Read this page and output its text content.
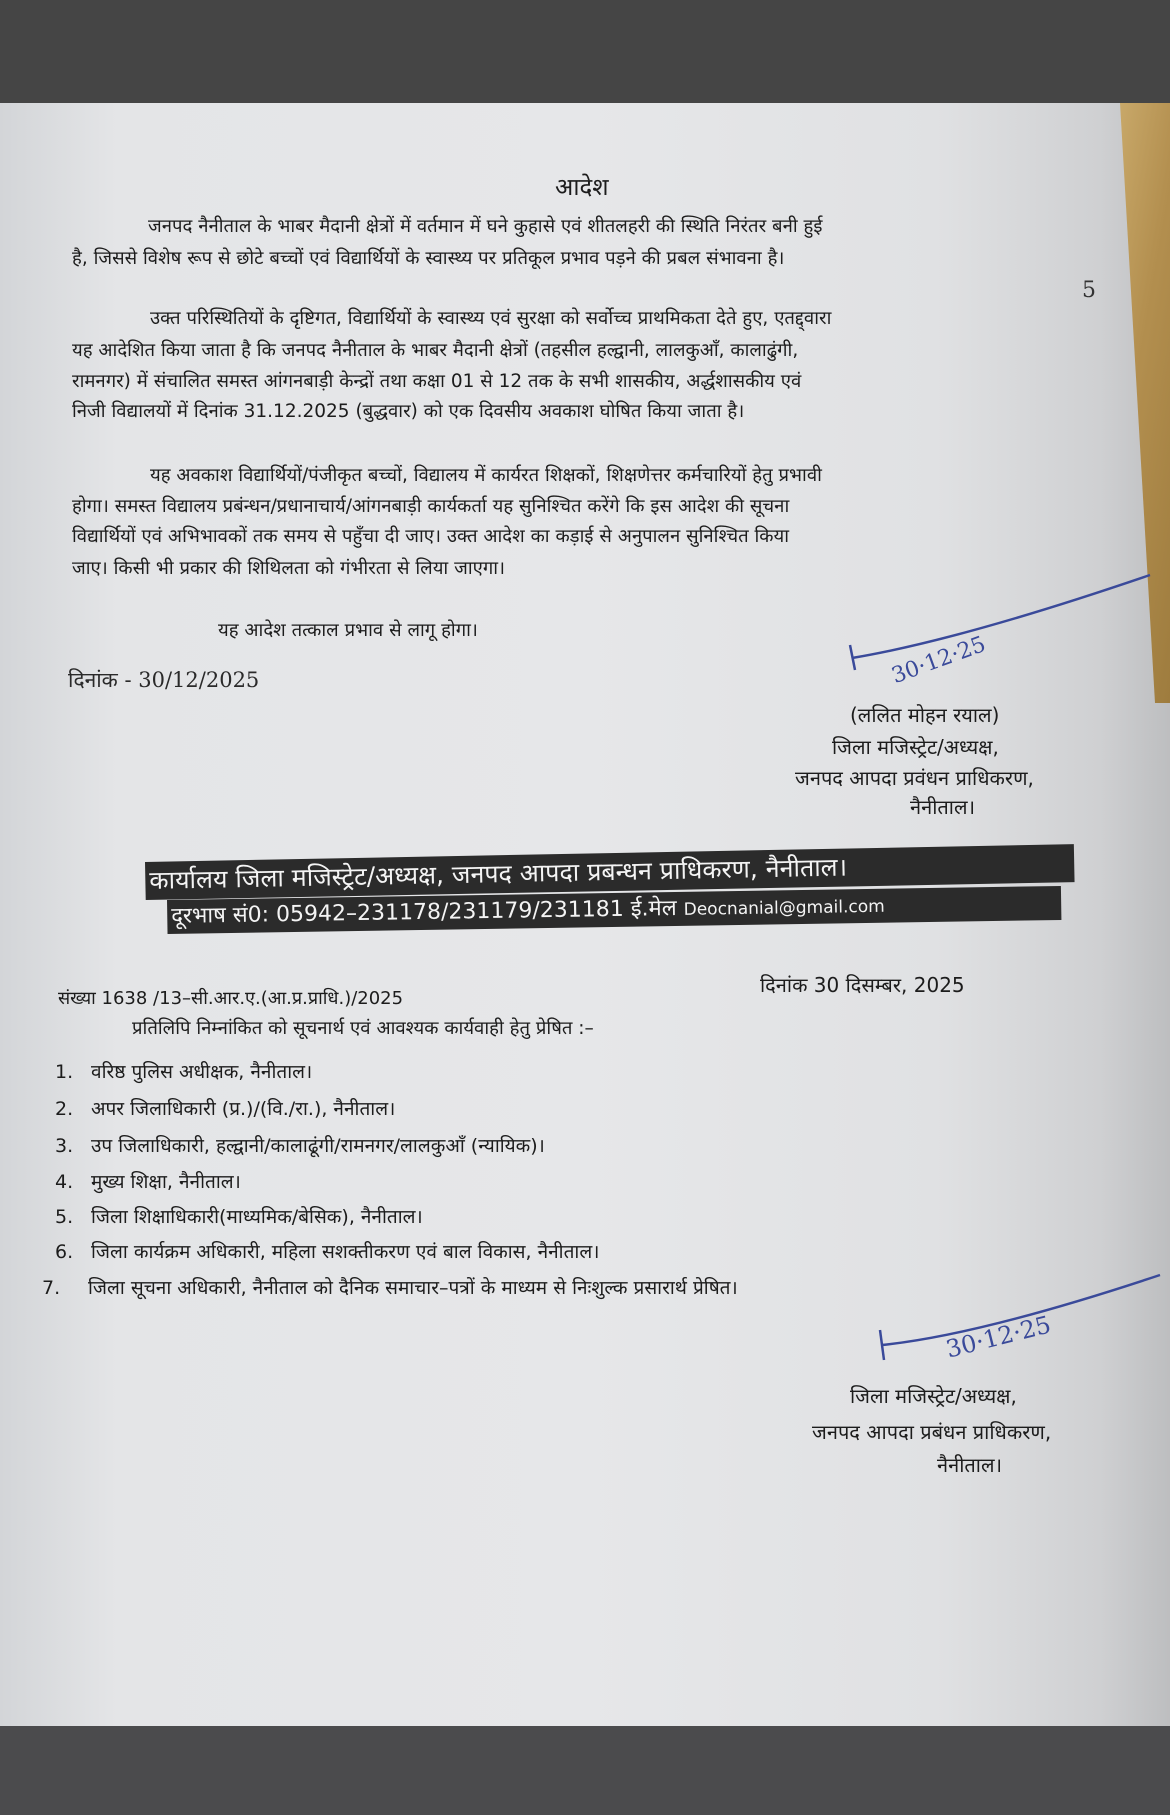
आदेश
जनपद नैनीताल के भाबर मैदानी क्षेत्रों में वर्तमान में घने कुहासे एवं शीतलहरी की स्थिति निरंतर बनी हुई
है, जिससे विशेष रूप से छोटे बच्चों एवं विद्यार्थियों के स्वास्थ्य पर प्रतिकूल प्रभाव पड़ने की प्रबल संभावना है।
5
उक्त परिस्थितियों के दृष्टिगत, विद्यार्थियों के स्वास्थ्य एवं सुरक्षा को सर्वोच्च प्राथमिकता देते हुए, एतद्द्वारा
यह आदेशित किया जाता है कि जनपद नैनीताल के भाबर मैदानी क्षेत्रों (तहसील हल्द्वानी, लालकुआँ, कालाढुंगी,
रामनगर) में संचालित समस्त आंगनबाड़ी केन्द्रों तथा कक्षा 01 से 12 तक के सभी शासकीय, अर्द्धशासकीय एवं
निजी विद्यालयों में दिनांक 31.12.2025 (बुद्धवार) को एक दिवसीय अवकाश घोषित किया जाता है।
यह अवकाश विद्यार्थियों/पंजीकृत बच्चों, विद्यालय में कार्यरत शिक्षकों, शिक्षणेत्तर कर्मचारियों हेतु प्रभावी
होगा। समस्त विद्यालय प्रबंन्धन/प्रधानाचार्य/आंगनबाड़ी कार्यकर्ता यह सुनिश्चित करेंगे कि इस आदेश की सूचना
विद्यार्थियों एवं अभिभावकों तक समय से पहुँचा दी जाए। उक्त आदेश का कड़ाई से अनुपालन सुनिश्चित किया
जाए। किसी भी प्रकार की शिथिलता को गंभीरता से लिया जाएगा।
यह आदेश तत्काल प्रभाव से लागू होगा।
दिनांक - 30/12/2025	30·12·25
(ललित मोहन रयाल)
जिला मजिस्ट्रेट/अध्यक्ष,
जनपद आपदा प्रवंधन प्राधिकरण,
नैनीताल।
कार्यालय जिला मजिस्ट्रेट/अध्यक्ष, जनपद आपदा प्रबन्धन प्राधिकरण, नैनीताल।
दूरभाष सं0: 05942–231178/231179/231181 ई.मेल Deocnanial@gmail.com
दिनांक 30 दिसम्बर, 2025
संख्या 1638 /13–सी.आर.ए.(आ.प्र.प्राधि.)/2025
प्रतिलिपि निम्नांकित को सूचनार्थ एवं आवश्यक कार्यवाही हेतु प्रेषित :–
1. वरिष्ठ पुलिस अधीक्षक, नैनीताल।
2. अपर जिलाधिकारी (प्र.)/(वि./रा.), नैनीताल।
3. उप जिलाधिकारी, हल्द्वानी/कालाढूंगी/रामनगर/लालकुआँ (न्यायिक)।
4. मुख्य शिक्षा, नैनीताल।
5. जिला शिक्षाधिकारी(माध्यमिक/बेसिक), नैनीताल।
6. जिला कार्यक्रम अधिकारी, महिला सशक्तीकरण एवं बाल विकास, नैनीताल।
7. जिला सूचना अधिकारी, नैनीताल को दैनिक समाचार–पत्रों के माध्यम से निःशुल्क प्रसारार्थ प्रेषित।
30·12·25
जिला मजिस्ट्रेट/अध्यक्ष,
जनपद आपदा प्रबंधन प्राधिकरण,
नैनीताल।
